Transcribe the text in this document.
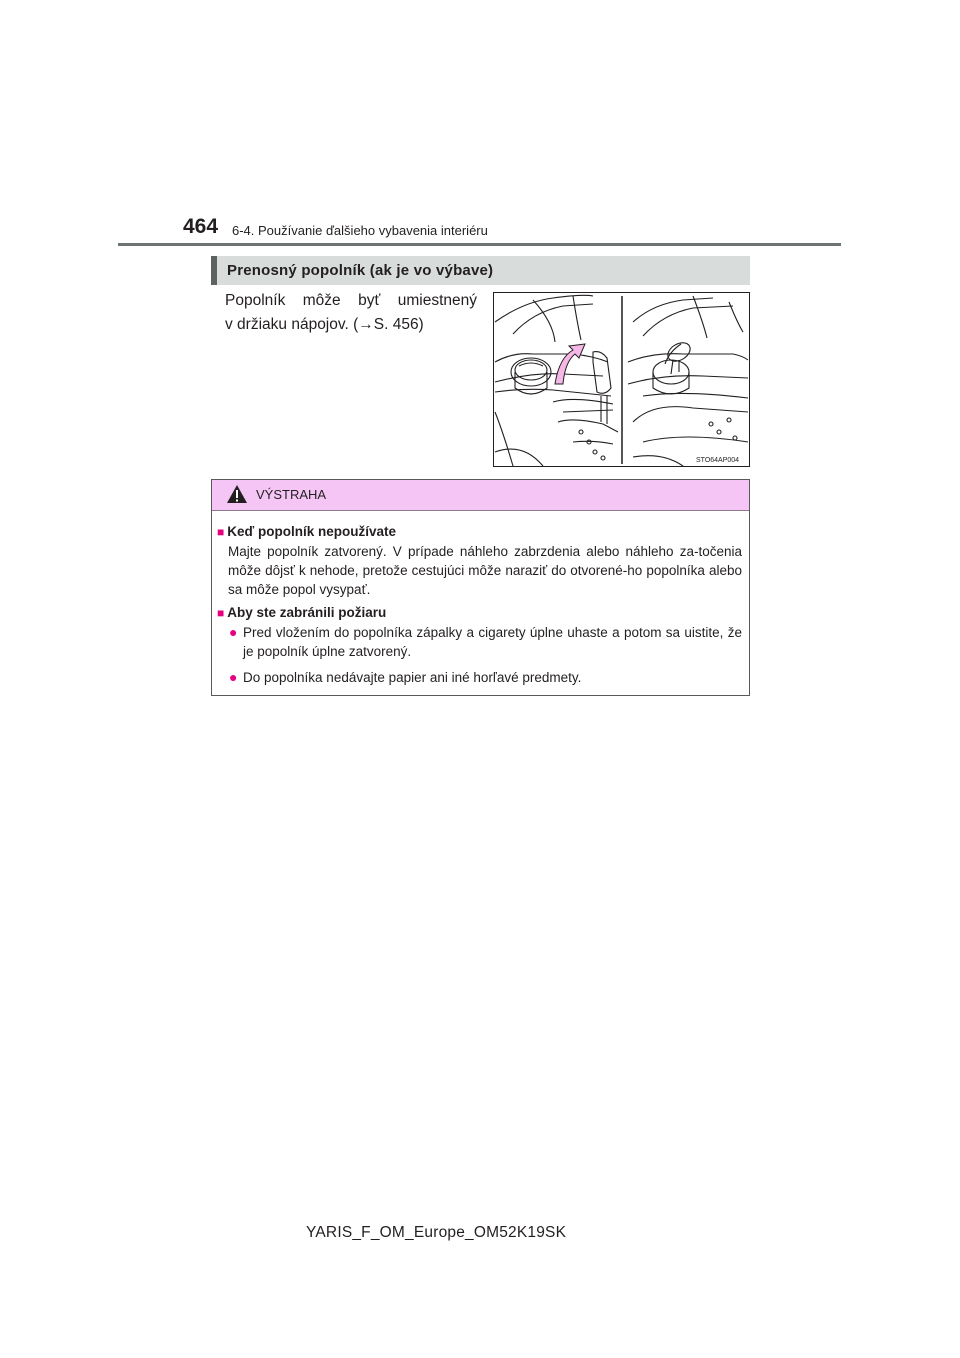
464 6-4. Používanie ďalšieho vybavenia interiéru
Prenosný popolník (ak je vo výbave)
Popolník môže byť umiestnený
v držiaku nápojov. (→S. 456)
STO64AP004
VÝSTRAHA
■ Keď popolník nepoužívate
Majte popolník zatvorený. V prípade náhleho zabrzdenia alebo náhleho za-točenia môže dôjsť k nehode, pretože cestujúci môže naraziť do otvorené-ho popolníka alebo sa môže popol vysypať.
■ Aby ste zabránili požiaru
● Pred vložením do popolníka zápalky a cigarety úplne uhaste a potom sa uistite, že je popolník úplne zatvorený.
● Do popolníka nedávajte papier ani iné horľavé predmety.
YARIS_F_OM_Europe_OM52K19SK
